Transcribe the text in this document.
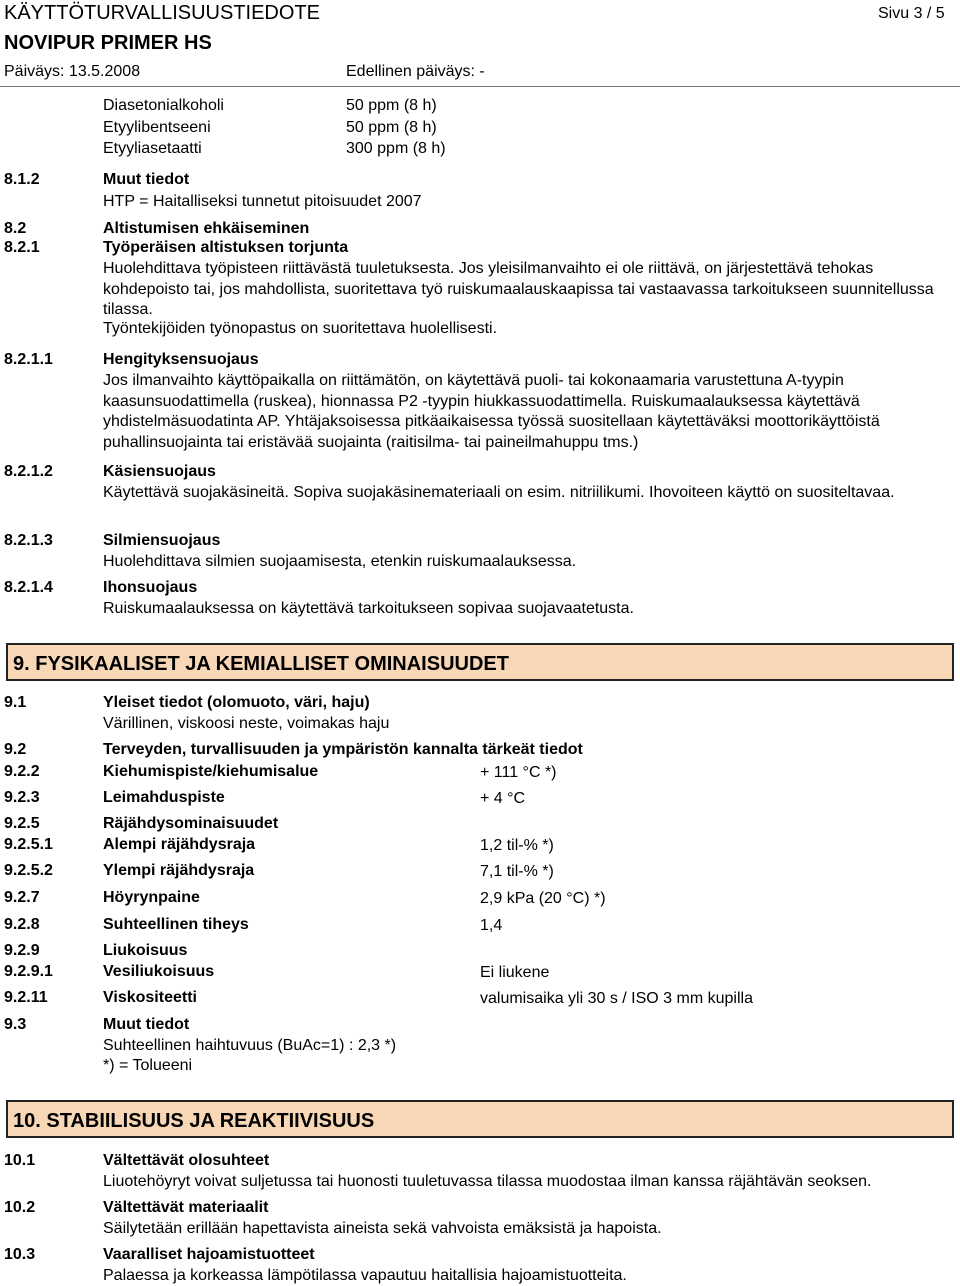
KÄYTTÖTURVALLISUUSTIEDOTE	Sivu 3 / 5
NOVIPUR PRIMER HS
Päiväys: 13.5.2008	Edellinen päiväys: -
Diasetonialkoholi	50 ppm (8 h)
Etyylibentseeni	50 ppm (8 h)
Etyyliasetaatti	300 ppm (8 h)
8.1.2	Muut tiedot
HTP = Haitalliseksi tunnetut pitoisuudet 2007
8.2	Altistumisen ehkäiseminen
8.2.1	Työperäisen altistuksen torjunta
Huolehdittava työpisteen riittävästä tuuletuksesta. Jos yleisilmanvaihto ei ole riittävä, on järjestettävä tehokas kohdepoisto tai, jos mahdollista, suoritettava työ ruiskumaalauskaapissa tai vastaavassa tarkoitukseen suunnitellussa tilassa.
Työntekijöiden työnopastus on suoritettava huolellisesti.
8.2.1.1	Hengityksensuojaus
Jos ilmanvaihto käyttöpaikalla on riittämätön, on käytettävä puoli- tai kokonaamaria varustettuna A-tyypin kaasunsuodattimella (ruskea), hionnassa P2 -tyypin hiukkassuodattimella. Ruiskumaalauksessa käytettävä yhdistelmäsuodatinta AP. Yhtäjaksoisessa pitkäaikaisessa työssä suositellaan käytettäväksi moottorikäyttöistä puhallinsuojainta tai eristävää suojainta (raitisilma- tai paineilmahuppu tms.)
8.2.1.2	Käsiensuojaus
Käytettävä suojakäsineitä. Sopiva suojakäsinemateriaali on esim. nitriilikumi. Ihovoiteen käyttö on suositeltavaa.
8.2.1.3	Silmiensuojaus
Huolehdittava silmien suojaamisesta, etenkin ruiskumaalauksessa.
8.2.1.4	Ihonsuojaus
Ruiskumaalauksessa on käytettävä tarkoitukseen sopivaa suojavaatetusta.
9. FYSIKAALISET JA KEMIALLISET OMINAISUUDET
9.1	Yleiset tiedot (olomuoto, väri, haju)
Värillinen, viskoosi neste, voimakas haju
9.2	Terveyden, turvallisuuden ja ympäristön kannalta tärkeät tiedot
9.2.2	Kiehumispiste/kiehumisalue	+ 111 °C *)
9.2.3	Leimahduspiste	+ 4 °C
9.2.5	Räjähdysominaisuudet
9.2.5.1	Alempi räjähdysraja	1,2 til-% *)
9.2.5.2	Ylempi räjähdysraja	7,1 til-% *)
9.2.7	Höyrynpaine	2,9 kPa (20 °C) *)
9.2.8	Suhteellinen tiheys	1,4
9.2.9	Liukoisuus
9.2.9.1	Vesiliukoisuus	Ei liukene
9.2.11	Viskositeetti	valumisaika yli 30 s / ISO 3 mm kupilla
9.3	Muut tiedot
Suhteellinen haihtuvuus (BuAc=1) : 2,3 *)
*) = Tolueeni
10. STABIILISUUS JA REAKTIIVISUUS
10.1	Vältettävät olosuhteet
Liuotehöyryt voivat suljetussa tai huonosti tuuletuvassa tilassa muodostaa ilman kanssa räjähtävän seoksen.
10.2	Vältettävät materiaalit
Säilytetään erillään hapettavista aineista sekä vahvoista emäksistä ja hapoista.
10.3	Vaaralliset hajoamistuotteet
Palaessa ja korkeassa lämpötilassa vapautuu haitallisia hajoamistuotteita.
